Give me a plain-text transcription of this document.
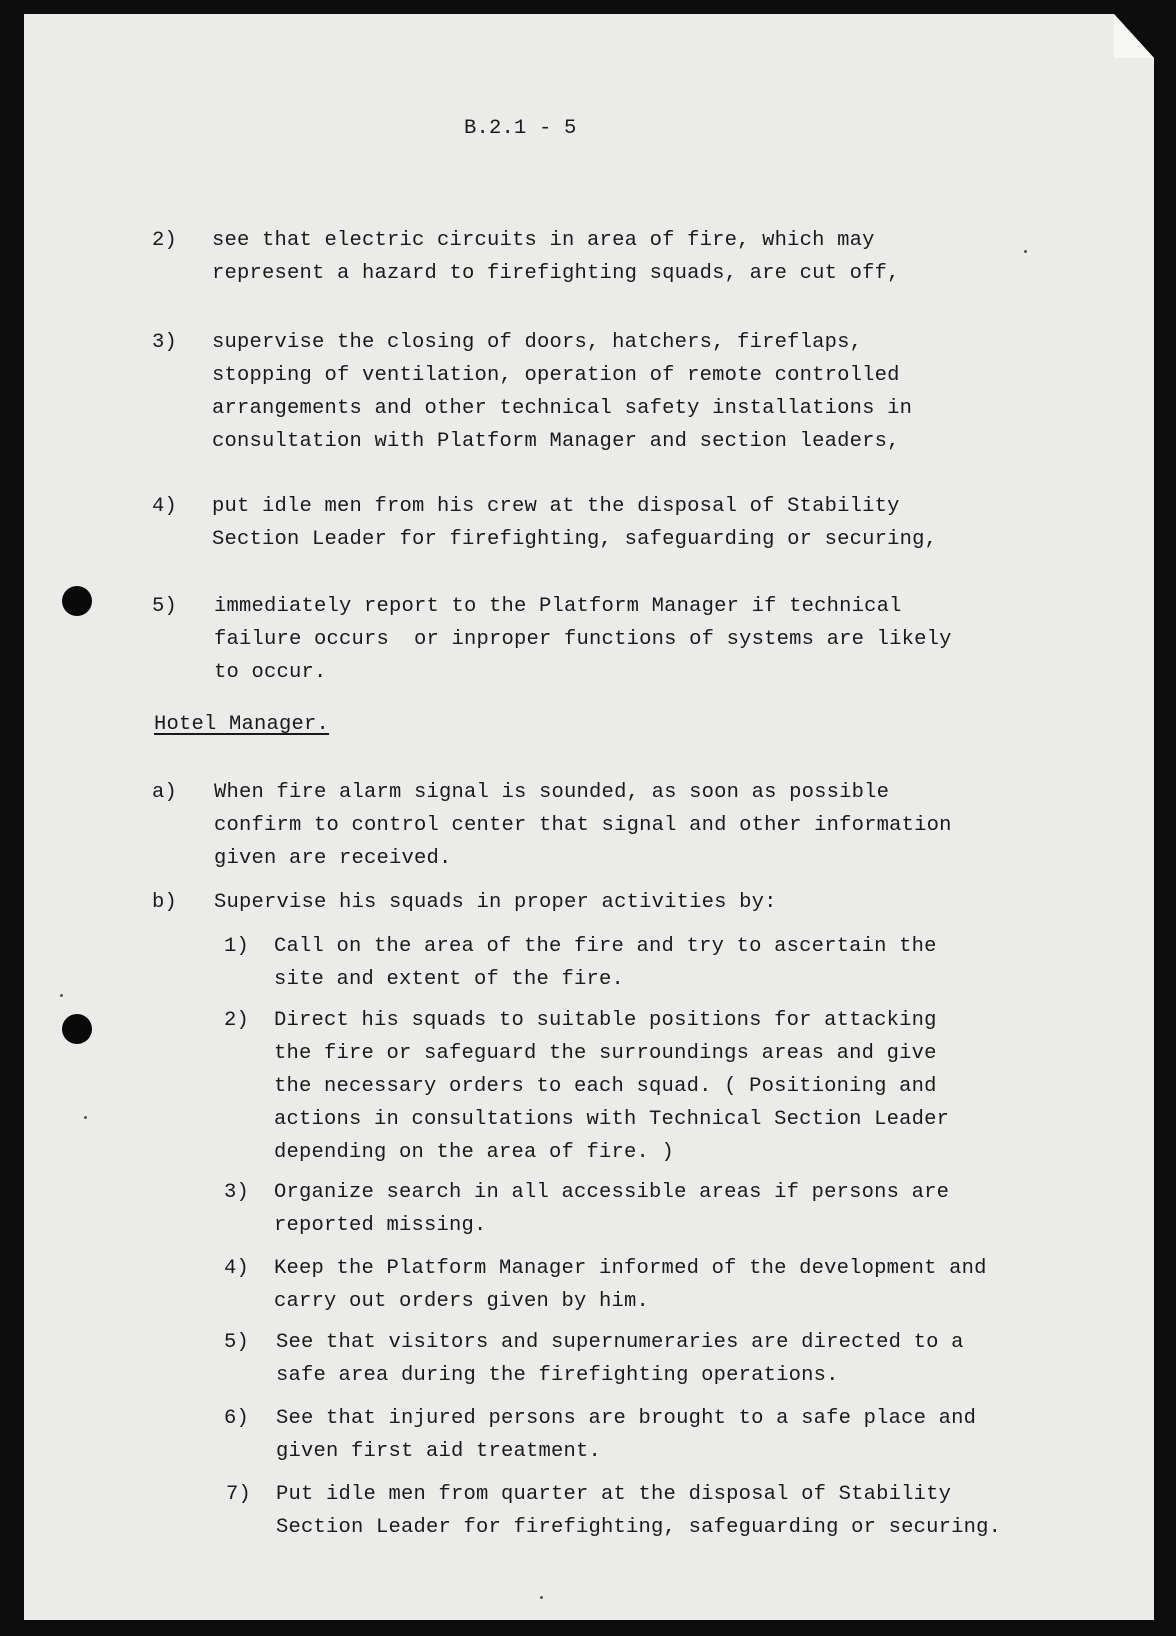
B.2.1 - 5
2) see that electric circuits in area of fire, which may
represent a hazard to firefighting squads, are cut off,
3) supervise the closing of doors, hatchers, fireflaps,
stopping of ventilation, operation of remote controlled
arrangements and other technical safety installations in
consultation with Platform Manager and section leaders,
4) put idle men from his crew at the disposal of Stability
Section Leader for firefighting, safeguarding or securing,
5) immediately report to the Platform Manager if technical
failure occurs  or inproper functions of systems are likely
to occur.
Hotel Manager.
a) When fire alarm signal is sounded, as soon as possible
confirm to control center that signal and other information
given are received.
b) Supervise his squads in proper activities by:
1) Call on the area of the fire and try to ascertain the
site and extent of the fire.
2) Direct his squads to suitable positions for attacking
the fire or safeguard the surroundings areas and give
the necessary orders to each squad. ( Positioning and
actions in consultations with Technical Section Leader
depending on the area of fire. )
3) Organize search in all accessible areas if persons are
reported missing.
4) Keep the Platform Manager informed of the development and
carry out orders given by him.
5) See that visitors and supernumeraries are directed to a
safe area during the firefighting operations.
6) See that injured persons are brought to a safe place and
given first aid treatment.
7) Put idle men from quarter at the disposal of Stability
Section Leader for firefighting, safeguarding or securing.
